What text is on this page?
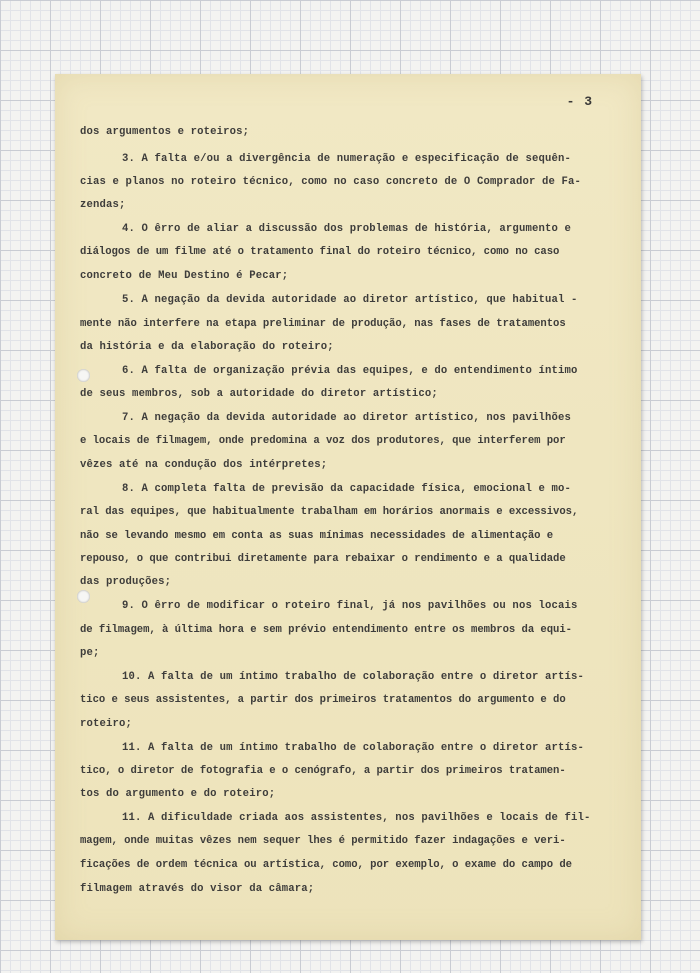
- 3
dos argumentos e roteiros;
3. A falta e/ou a divergência de numeração e especificação de sequên-
cias e planos no roteiro técnico, como no caso concreto de O Comprador de Fa-
zendas;
4. O êrro de aliar a discussão dos problemas de história, argumento e
diálogos de um filme até o tratamento final do roteiro técnico, como no caso
concreto de Meu Destino é Pecar;
5. A negação da devida autoridade ao diretor artístico, que habitual -
mente não interfere na etapa preliminar de produção, nas fases de tratamentos
da história e da elaboração do roteiro;
6. A falta de organização prévia das equipes, e do entendimento íntimo
de seus membros, sob a autoridade do diretor artístico;
7. A negação da devida autoridade ao diretor artístico, nos pavilhões
e locais de filmagem, onde predomina a voz dos produtores, que interferem por
vêzes até na condução dos intérpretes;
8. A completa falta de previsão da capacidade física, emocional e mo-
ral das equipes, que habitualmente trabalham em horários anormais e excessivos,
não se levando mesmo em conta as suas mínimas necessidades de alimentação e
repouso, o que contribui diretamente para rebaixar o rendimento e a qualidade
das produções;
9. O êrro de modificar o roteiro final, já nos pavilhões ou nos locais
de filmagem, à última hora e sem prévio entendimento entre os membros da equi-
pe;
10. A falta de um íntimo trabalho de colaboração entre o diretor artís-
tico e seus assistentes, a partir dos primeiros tratamentos do argumento e do
roteiro;
11. A falta de um íntimo trabalho de colaboração entre o diretor artís-
tico, o diretor de fotografia e o cenógrafo, a partir dos primeiros tratamen-
tos do argumento e do roteiro;
11. A dificuldade criada aos assistentes, nos pavilhões e locais de fil-
magem, onde muitas vêzes nem sequer lhes é permitido fazer indagações e veri-
ficações de ordem técnica ou artística, como, por exemplo, o exame do campo de
filmagem através do visor da câmara;
